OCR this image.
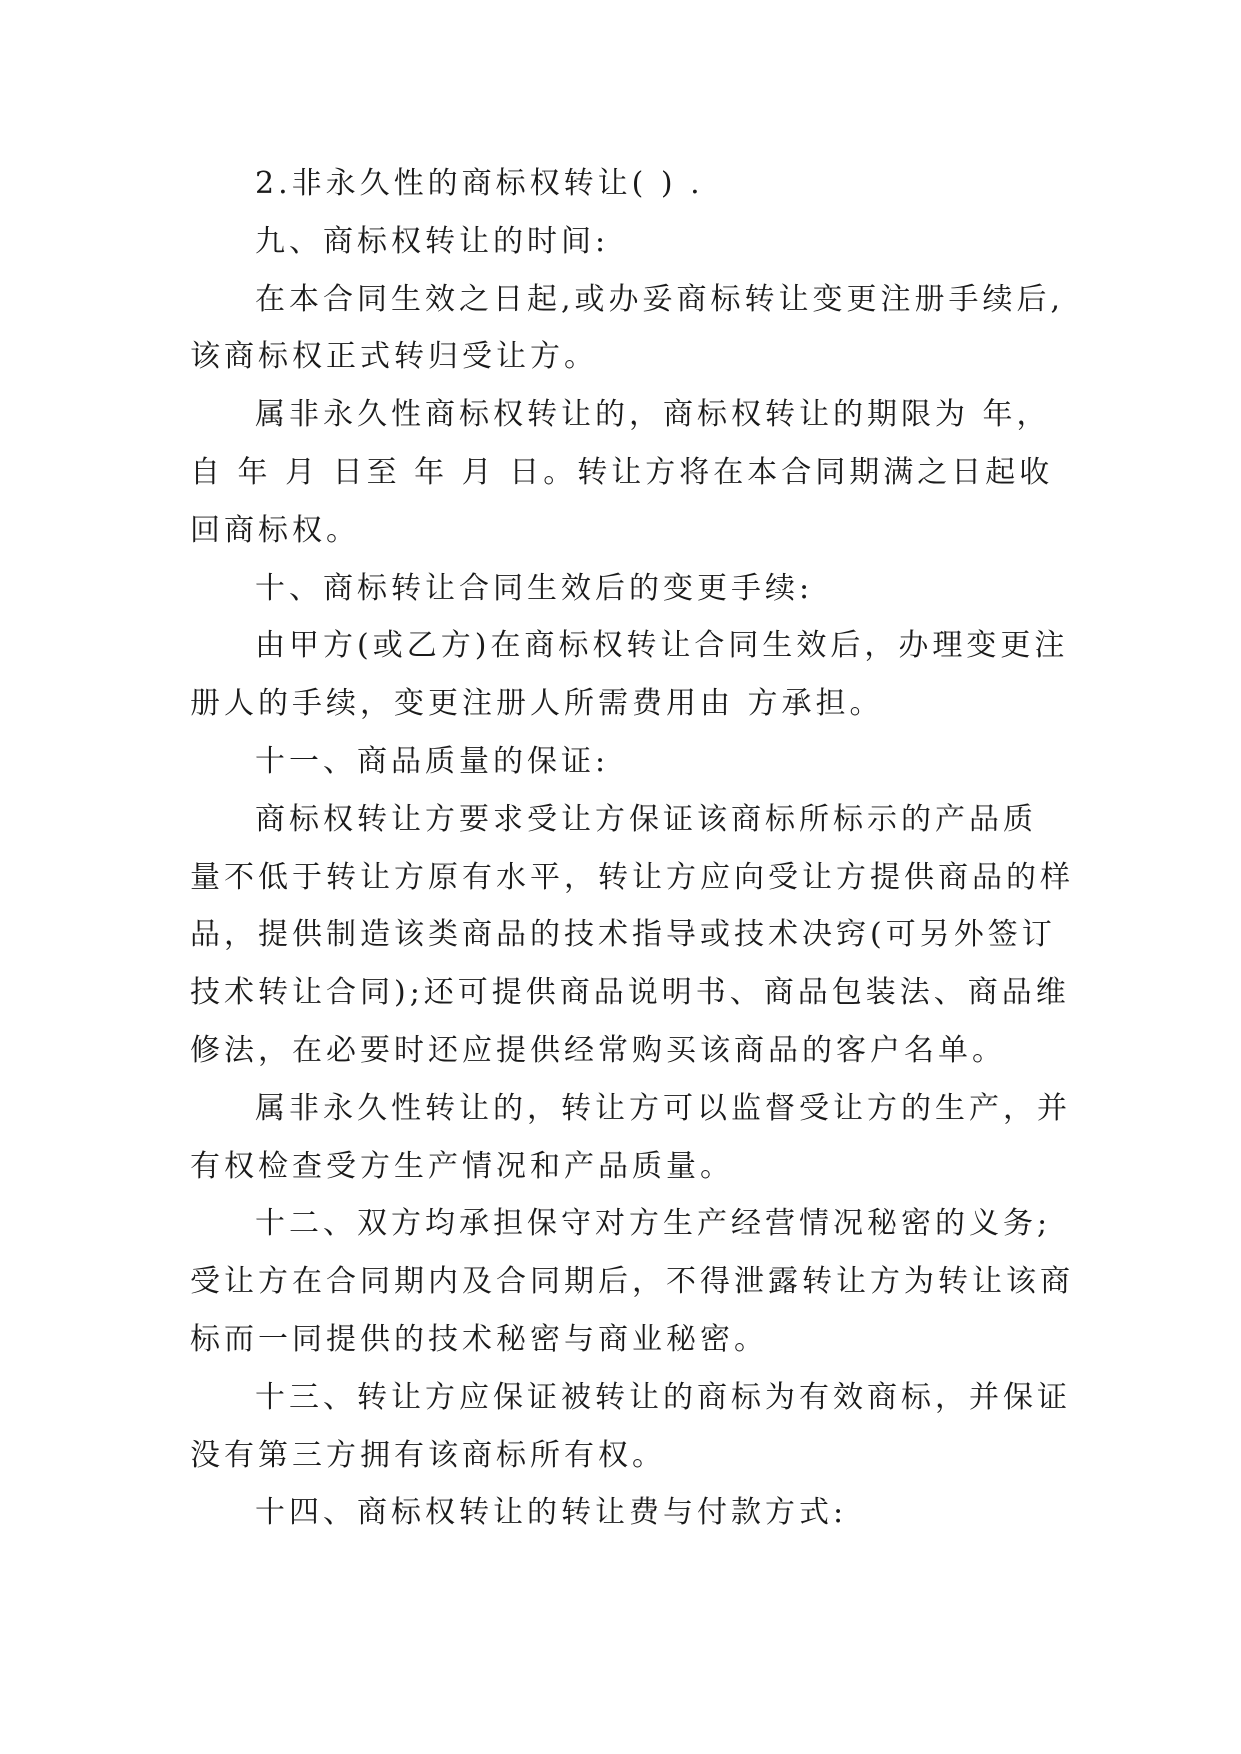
2.非永久性的商标权转让( ) .
九、商标权转让的时间:
在本合同生效之日起,或办妥商标转让变更注册手续后,
该商标权正式转归受让方。
属非永久性商标权转让的，商标权转让的期限为 年，
自 年 月 日至 年 月 日。转让方将在本合同期满之日起收
回商标权。
十、商标转让合同生效后的变更手续:
由甲方(或乙方)在商标权转让合同生效后，办理变更注
册人的手续，变更注册人所需费用由 方承担。
十一、商品质量的保证:
商标权转让方要求受让方保证该商标所标示的产品质
量不低于转让方原有水平，转让方应向受让方提供商品的样
品，提供制造该类商品的技术指导或技术决窍(可另外签订
技术转让合同);还可提供商品说明书、商品包装法、商品维
修法，在必要时还应提供经常购买该商品的客户名单。
属非永久性转让的，转让方可以监督受让方的生产，并
有权检查受方生产情况和产品质量。
十二、双方均承担保守对方生产经营情况秘密的义务;
受让方在合同期内及合同期后，不得泄露转让方为转让该商
标而一同提供的技术秘密与商业秘密。
十三、转让方应保证被转让的商标为有效商标，并保证
没有第三方拥有该商标所有权。
十四、商标权转让的转让费与付款方式:
